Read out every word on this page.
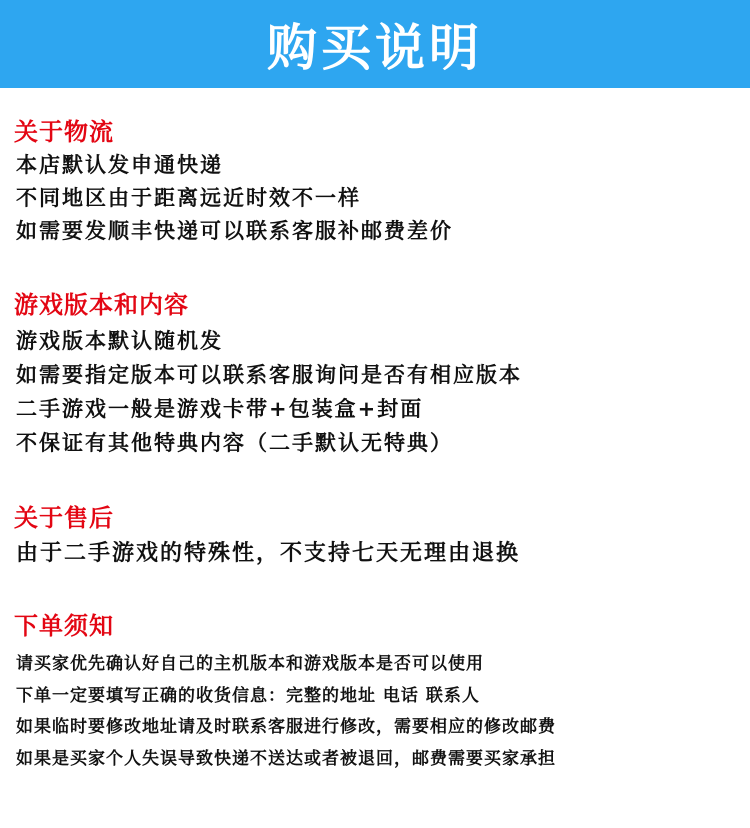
购买说明
关于物流
本店默认发申通快递
不同地区由于距离远近时效不一样
如需要发顺丰快递可以联系客服补邮费差价
游戏版本和内容
游戏版本默认随机发
如需要指定版本可以联系客服询问是否有相应版本
二手游戏一般是游戏卡带+包装盒+封面
不保证有其他特典内容（二手默认无特典）
关于售后
由于二手游戏的特殊性，不支持七天无理由退换
下单须知
请买家优先确认好自己的主机版本和游戏版本是否可以使用
下单一定要填写正确的收货信息：完整的地址 电话 联系人
如果临时要修改地址请及时联系客服进行修改，需要相应的修改邮费
如果是买家个人失误导致快递不送达或者被退回，邮费需要买家承担
